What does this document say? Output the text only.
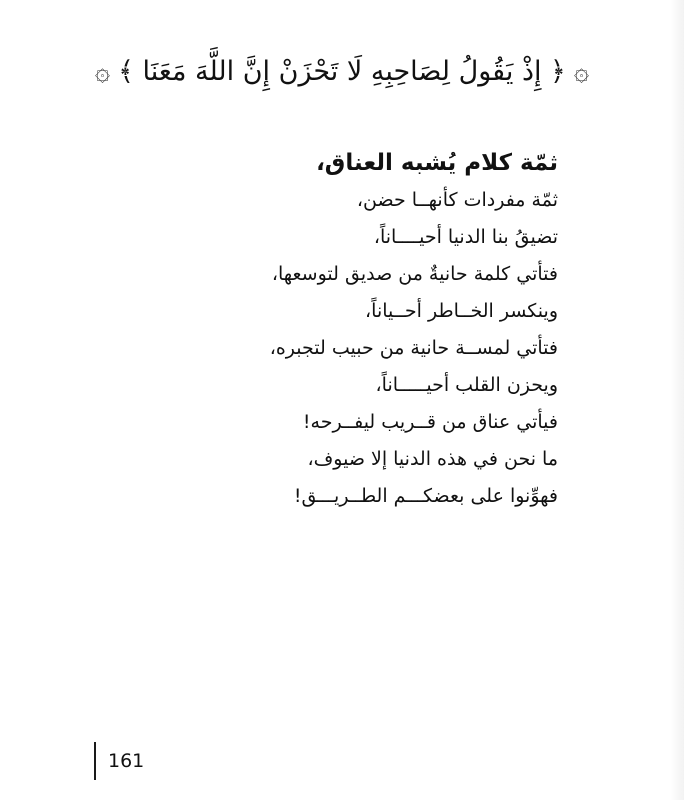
۞
﴿ إِذْ يَقُولُ لِصَاحِبِهِ لَا تَحْزَنْ إِنَّ اللَّهَ مَعَنَا ﴾
۞

ثمّة كلام يُشبه العناق،

ثمّة مفردات كأنهــا حضن،

تضيقُ بنا الدنيا أحيــــاناً،

فتأتي كلمة حانيةٌ من صديق لتوسعها،

وينكسر الخــاطر أحــياناً،

فتأتي لمســة حانية من حبيب لتجبره،

ويحزن القلب أحيـــــاناً،

فيأتي عناق من قــريب ليفــرحه!

ما نحن في هذه الدنيا إلا ضيوف،

فهوِّنوا على بعضكـــم الطــريـــق!

161
